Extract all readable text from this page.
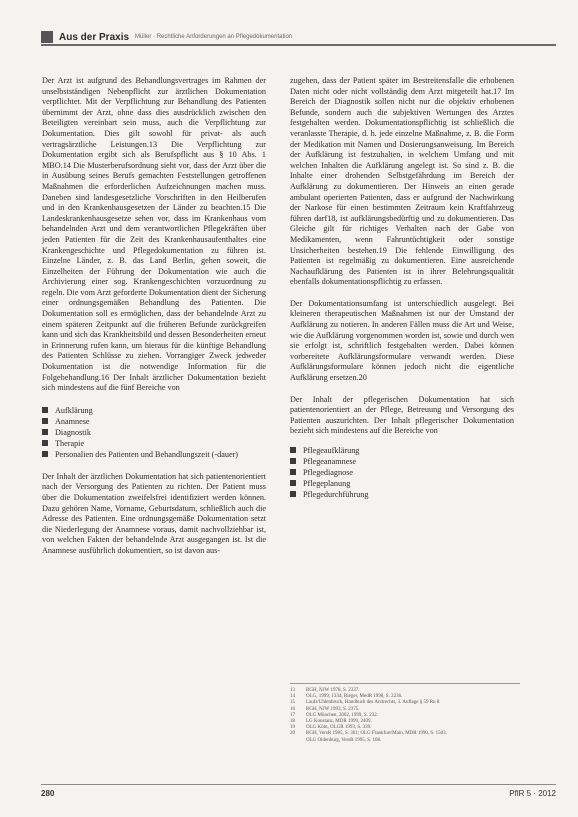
Aus der Praxis Müller · Rechtliche Anforderungen an Pflegedokumentation

Der Arzt ist aufgrund des Behandlungsvertrages im Rahmen der unselbstständigen Nebenpflicht zur ärztlichen Dokumentation verpflichtet. Mit der Verpflichtung zur Behandlung des Patienten übernimmt der Arzt, ohne dass dies ausdrücklich zwischen den Beteiligten vereinbart sein muss, auch die Verpflichtung zur Dokumentation. Dies gilt sowohl für privat- als auch vertragsärztliche Leistungen.13 Die Verpflichtung zur Dokumentation ergibt sich als Berufspflicht aus § 10 Abs. 1 MBO.14 Die Musterberufsordnung sieht vor, dass der Arzt über die in Ausübung seines Berufs gemachten Feststellungen getroffenen Maßnahmen die erforderlichen Aufzeichnungen machen muss. Daneben sind landesgesetzliche Vorschriften in den Heilberufen und in den Krankenhausgesetzen der Länder zu beachten.15 Die Landeskrankenhausgesetze sehen vor, dass im Krankenhaus vom behandelnden Arzt und dem verantwortlichen Pflegekräften über jeden Patienten für die Zeit des Krankenhausaufenthaltes eine Krankengeschichte und Pflegedokumentation zu führen ist. Einzelne Länder, z. B. das Land Berlin, gehen soweit, die Einzelheiten der Führung der Dokumentation wie auch die Archivierung einer sog. Krankengeschichten vorzuordnung zu regeln. Die vom Arzt geforderte Dokumentation dient der Sicherung einer ordnungsgemäßen Behandlung des Patienten. Die Dokumentation soll es ermöglichen, dass der behandelnde Arzt zu einem späteren Zeitpunkt auf die früheren Befunde zurückgreifen kann und sich das Krankheitsbild und dessen Besonderheiten erneut in Erinnerung rufen kann, um hieraus für die künftige Behandlung des Patienten Schlüsse zu ziehen. Vorrangiger Zweck jedweder Dokumentation ist die notwendige Information für die Folgebehandlung.16 Der Inhalt ärztlicher Dokumentation bezieht sich mindestens auf die fünf Bereiche von

Aufklärung
Anamnese
Diagnostik
Therapie
Personalien des Patienten und Behandlungszeit (-dauer)

Der Inhalt der ärztlichen Dokumentation hat sich patientenorientiert nach der Versorgung des Patienten zu richten. Der Patient muss über die Dokumentation zweifelsfrei identifiziert werden können. Dazu gehören Name, Vorname, Geburtsdatum, schließlich auch die Adresse des Patienten. Eine ordnungsgemäße Dokumentation setzt die Niederlegung der Anamnese voraus, damit nachvollziehbar ist, von welchen Fakten der behandelnde Arzt ausgegangen ist. Ist die Anamnese ausführlich dokumentiert, so ist davon aus-

zugehen, dass der Patient später im Bestreitensfalle die erhobenen Daten nicht oder nicht vollständig dem Arzt mitgeteilt hat.17 Im Bereich der Diagnostik sollen nicht nur die objektiv erhobenen Befunde, sondern auch die subjektiven Wertungen des Arztes festgehalten werden. Dokumentationspflichtig ist schließlich die veranlasste Therapie, d. h. jede einzelne Maßnahme, z. B. die Form der Medikation mit Namen und Dosierungsanweisung. Im Bereich der Aufklärung ist festzuhalten, in welchem Umfang und mit welchen Inhalten die Aufklärung angelegt ist. So sind z. B. die Inhalte einer drohenden Selbstgefährdung im Bereich der Aufklärung zu dokumentieren. Der Hinweis an einen gerade ambulant operierten Patienten, dass er aufgrund der Nachwirkung der Narkose für einen bestimmten Zeitraum kein Kraftfahrzeug führen darf18, ist aufklärungsbedürftig und zu dokumentieren. Das Gleiche gilt für richtiges Verhalten nach der Gabe von Medikamenten, wenn Fahruntüchtigkeit oder sonstige Unsicherheiten bestehen.19 Die fehlende Einwilligung des Patienten ist regelmäßig zu dokumentieren. Eine ausreichende Nachaufklärung des Patienten ist in ihrer Belehrungsqualität ebenfalls dokumentationspflichtig zu erfassen.

Der Dokumentationsumfang ist unterschiedlich ausgelegt. Bei kleineren therapeutischen Maßnahmen ist nur der Umstand der Aufklärung zu notieren. In anderen Fällen muss die Art und Weise, wie die Aufklärung vorgenommen worden ist, sowie und durch wen sie erfolgt ist, schriftlich festgehalten werden. Dabei können vorbereitete Aufklärungsformulare verwandt werden. Diese Aufklärungsformulare können jedoch nicht die eigentliche Aufklärung ersetzen.20

Der Inhalt der pflegerischen Dokumentation hat sich patientenorientiert an der Pflege, Betreuung und Versorgung des Patienten auszurichten. Der Inhalt pflegerischer Dokumentation bezieht sich mindestens auf die Bereiche von

Pflegeaufklärung
Pflegeanamnese
Pflegediagnose
Pflegeplanung
Pflegedurchführung
13	BGH, NJW 1978, S. 2337.
14	OLG, 1999, 1334; Rieger, MedR 1998, S. 2236.
15	Laufs/Uhlenbruck, Handbuch des Arztrechts, 3. Auflage § 59 Rn 8.
16	BGH, NJW 1993, S. 2375.
17	OLG München, 2002, 1999, S. 232.
18	LG Konstanz, MDR 1999, 2409.
19	OLG Köln, OLGR 1993, S. 339.
20	BGH, VersR 1985, S. 361; OLG Frankfurt/Main, MDR 1990, S. 1503.
OLG Oldenburg, VersR 1995, S. 108.
280	PflR 5 · 2012
